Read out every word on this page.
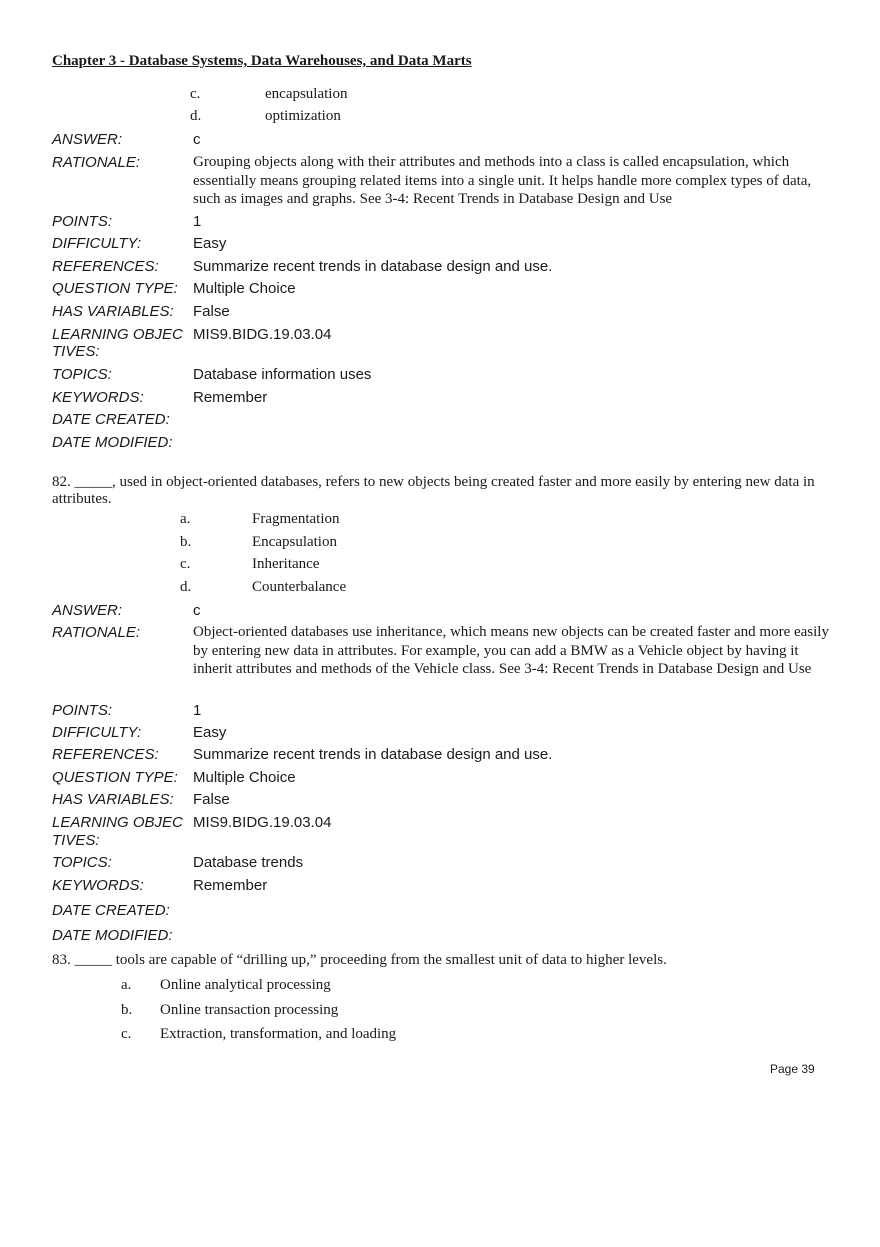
Chapter 3 - Database Systems, Data Warehouses, and Data Marts
c.	encapsulation
d.	optimization
ANSWER:	c
RATIONALE:	Grouping objects along with their attributes and methods into a class is called encapsulation, which essentially means grouping related items into a single unit. It helps handle more complex types of data, such as images and graphs. See 3-4: Recent Trends in Database Design and Use
POINTS:	1
DIFFICULTY:	Easy
REFERENCES:	Summarize recent trends in database design and use.
QUESTION TYPE:	Multiple Choice
HAS VARIABLES:	False
LEARNING OBJEC
TIVES:
MIS9.BIDG.19.03.04
TOPICS:	Database information uses
KEYWORDS:	Remember
DATE CREATED:
DATE MODIFIED:
82. _____, used in object-oriented databases, refers to new objects being created faster and more easily by entering new data in attributes.
a.	Fragmentation
b.	Encapsulation
c.	Inheritance
d.	Counterbalance
ANSWER:	c
RATIONALE:	Object-oriented databases use inheritance, which means new objects can be created faster and more easily by entering new data in attributes. For example, you can add a BMW as a Vehicle object by having it inherit attributes and methods of the Vehicle class. See 3-4: Recent Trends in Database Design and Use
POINTS:	1
DIFFICULTY:	Easy
REFERENCES:	Summarize recent trends in database design and use.
QUESTION TYPE:	Multiple Choice
HAS VARIABLES:	False
LEARNING OBJEC
TIVES:
MIS9.BIDG.19.03.04
TOPICS:	Database trends
KEYWORDS:	Remember
DATE CREATED:
DATE MODIFIED:
83. _____ tools are capable of “drilling up,” proceeding from the smallest unit of data to higher levels.
a. Online analytical processing
b. Online transaction processing
c. Extraction, transformation, and loading
Page 39
